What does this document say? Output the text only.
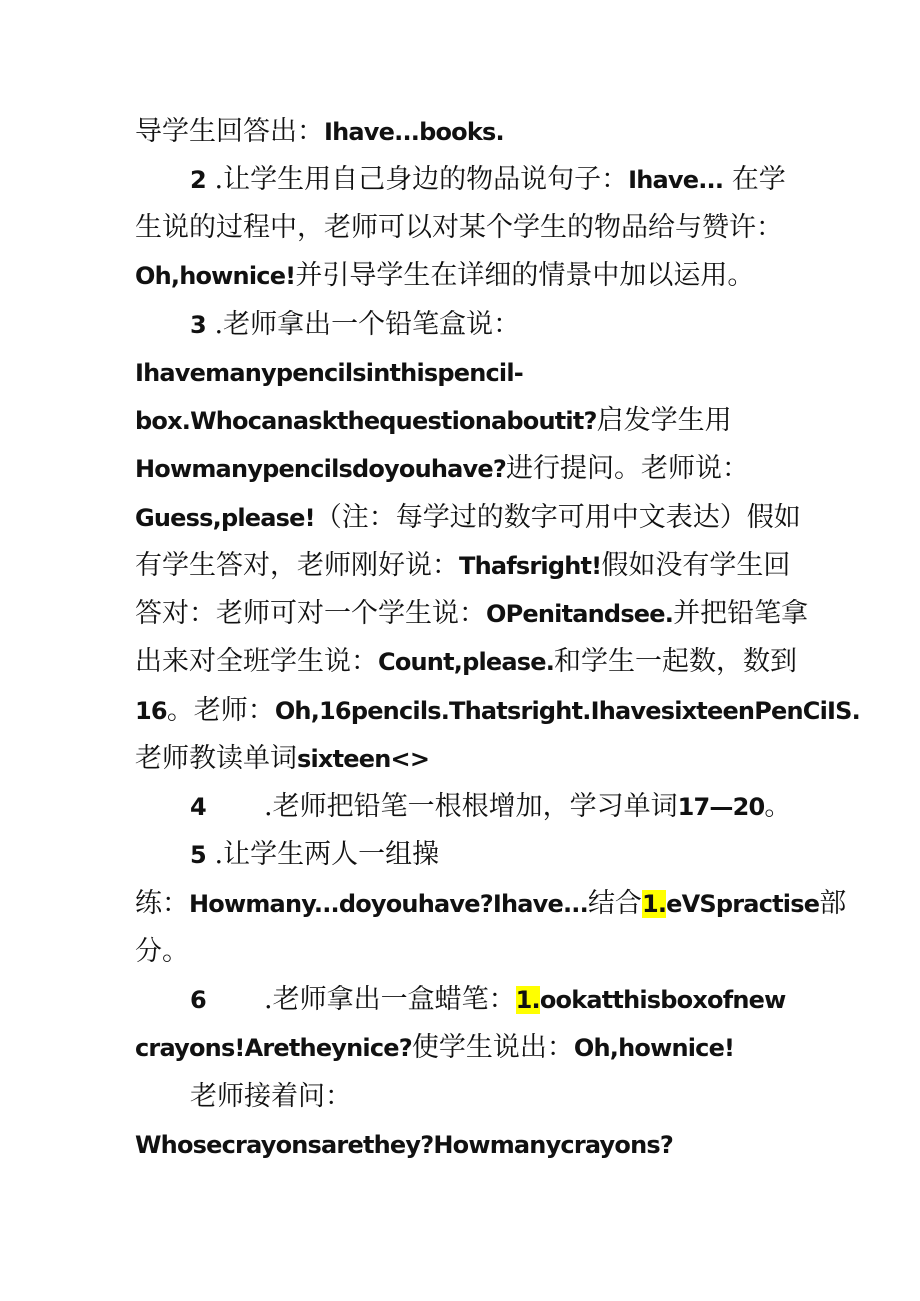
导学生回答出：Ihave...books.
2 .让学生用自己身边的物品说句子：Ihave... 在学
生说的过程中，老师可以对某个学生的物品给与赞许：
Oh,hownice!并引导学生在详细的情景中加以运用。
3 .老师拿出一个铅笔盒说：
Ihavemanypencilsinthispencil-
box.Whocanaskthequestionaboutit?启发学生用
Howmanypencilsdoyouhave?进行提问。老师说：
Guess,please!（注：每学过的数字可用中文表达）假如
有学生答对，老师刚好说：Thafsright!假如没有学生回
答对：老师可对一个学生说：OPenitandsee.并把铅笔拿
出来对全班学生说：Count,please.和学生一起数，数到
16。老师：Oh,16pencils.Thatsright.IhavesixteenPenCiIS.
老师教读单词sixteen<>
4 .老师把铅笔一根根增加，学习单词17—20。
5 .让学生两人一组操
练：Howmany...doyouhave?Ihave...结合1.eVSpractise部
分。
6 .老师拿出一盒蜡笔：1.ookatthisboxofnew
crayons!Aretheynice?使学生说出：Oh,hownice!
老师接着问：
Whosecrayonsarethey?Howmanycrayons?
